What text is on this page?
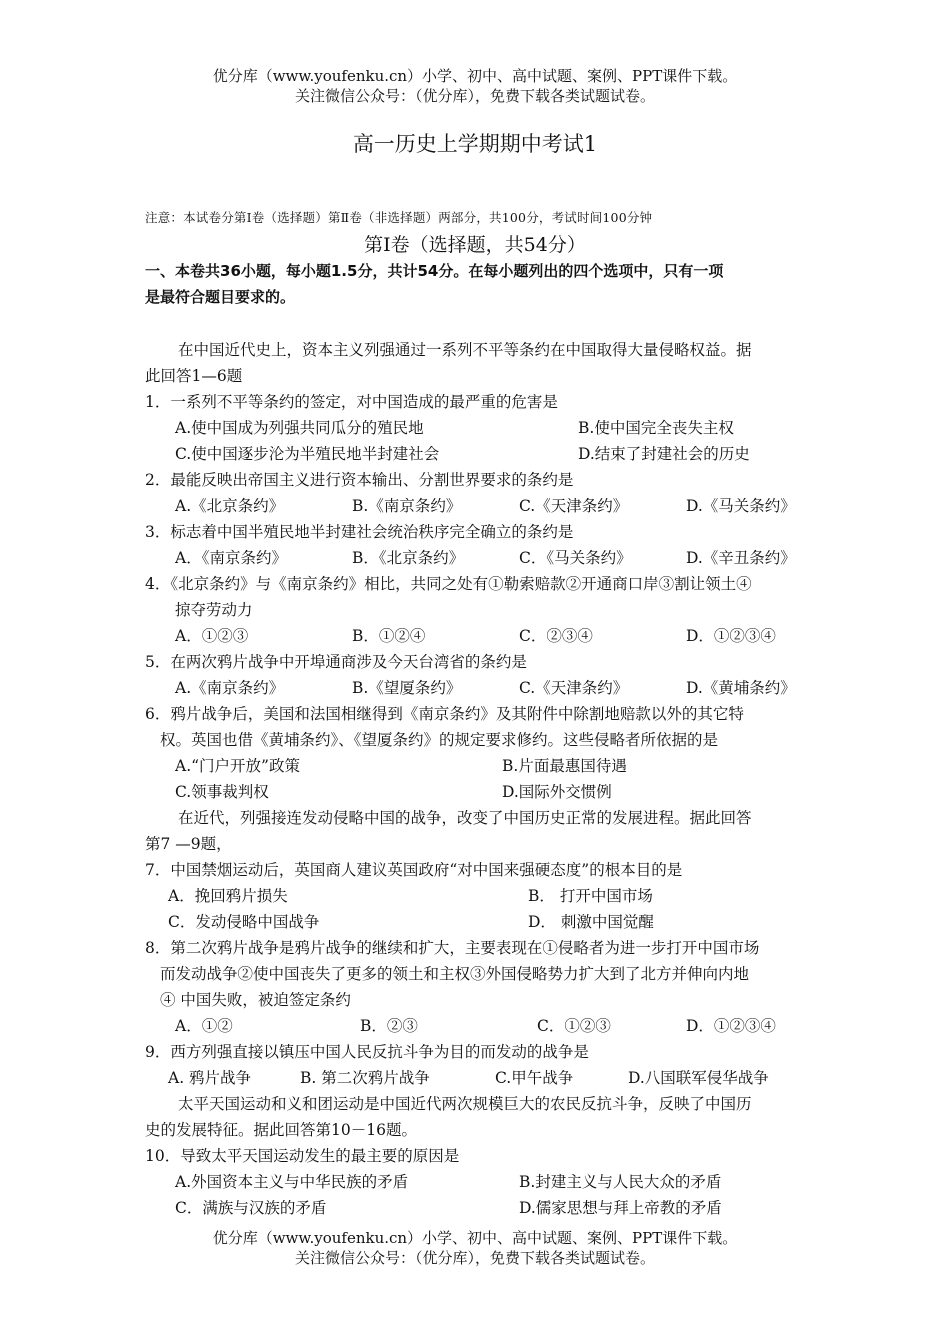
优分库（www.youfenku.cn）小学、初中、高中试题、案例、PPT课件下载。
关注微信公众号：（优分库），免费下载各类试题试卷。
高一历史上学期期中考试1
注意：本试卷分第Ⅰ卷（选择题）第Ⅱ卷（非选择题）两部分，共100分，考试时间100分钟
第Ⅰ卷（选择题，共54分）
一、本卷共36小题，每小题1.5分，共计54分。在每小题列出的四个选项中，只有一项
是最符合题目要求的。
在中国近代史上，资本主义列强通过一系列不平等条约在中国取得大量侵略权益。据
此回答1—6题
1．一系列不平等条约的签定，对中国造成的最严重的危害是
A.使中国成为列强共同瓜分的殖民地	B.使中国完全丧失主权
C.使中国逐步沦为半殖民地半封建社会	D.结束了封建社会的历史
2．最能反映出帝国主义进行资本输出、分割世界要求的条约是
A.《北京条约》	B.《南京条约》	C.《天津条约》	D.《马关条约》
3．标志着中国半殖民地半封建社会统治秩序完全确立的条约是
A．《南京条约》	B．《北京条约》	C．《马关条约》	D.《辛丑条约》
4．《北京条约》与《南京条约》相比，共同之处有①勒索赔款②开通商口岸③割让领土④
掠夺劳动力
A．①②③	B．①②④	C．②③④	D．①②③④
5．在两次鸦片战争中开埠通商涉及今天台湾省的条约是
A.《南京条约》	B.《望厦条约》	C.《天津条约》	D.《黄埔条约》
6．鸦片战争后，美国和法国相继得到《南京条约》及其附件中除割地赔款以外的其它特
权。英国也借《黄埔条约》、《望厦条约》的规定要求修约。这些侵略者所依据的是
A.“门户开放”政策	B.片面最惠国待遇
C.领事裁判权	D.国际外交惯例
在近代，列强接连发动侵略中国的战争，改变了中国历史正常的发展进程。据此回答
第7 —9题，
7．中国禁烟运动后，英国商人建议英国政府“对中国来强硬态度”的根本目的是
A．挽回鸦片损失	B． 打开中国市场
C．发动侵略中国战争	D． 刺激中国觉醒
8．第二次鸦片战争是鸦片战争的继续和扩大，主要表现在①侵略者为进一步打开中国市场
而发动战争②使中国丧失了更多的领土和主权③外国侵略势力扩大到了北方并伸向内地
④ 中国失败，被迫签定条约
A．①②	B．②③	C．①②③	D．①②③④
9．西方列强直接以镇压中国人民反抗斗争为目的而发动的战争是
A. 鸦片战争	B. 第二次鸦片战争	C.甲午战争	D.八国联军侵华战争
太平天国运动和义和团运动是中国近代两次规模巨大的农民反抗斗争，反映了中国历
史的发展特征。据此回答第10－16题。
10．导致太平天国运动发生的最主要的原因是
A.外国资本主义与中华民族的矛盾	B.封建主义与人民大众的矛盾
C．满族与汉族的矛盾	D.儒家思想与拜上帝教的矛盾
优分库（www.youfenku.cn）小学、初中、高中试题、案例、PPT课件下载。
关注微信公众号：（优分库），免费下载各类试题试卷。
